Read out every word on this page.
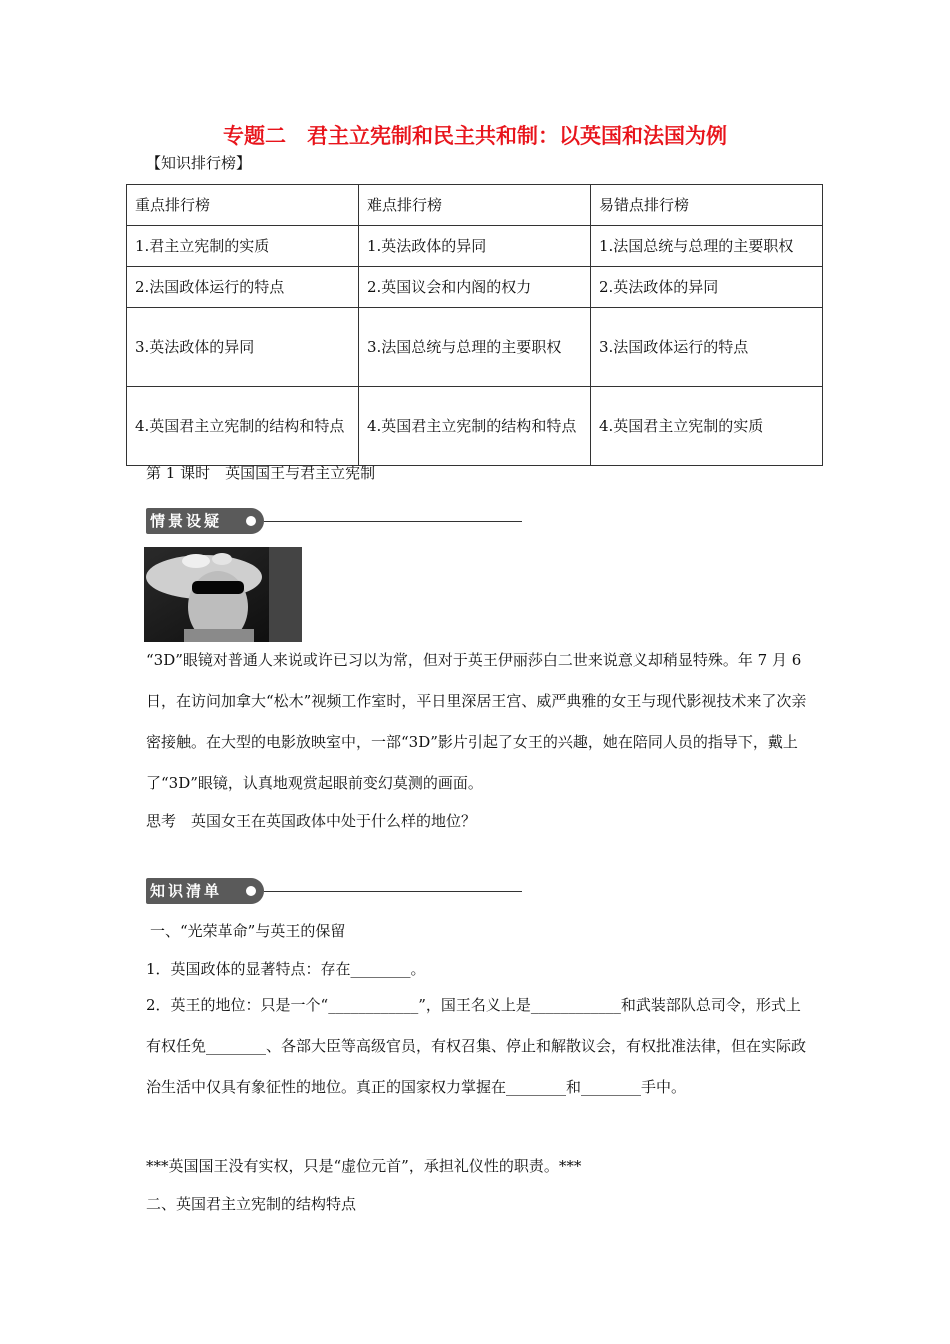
专题二　君主立宪制和民主共和制：以英国和法国为例
【知识排行榜】
重点排行榜	难点排行榜	易错点排行榜
1.君主立宪制的实质	1.英法政体的异同	1.法国总统与总理的主要职权
2.法国政体运行的特点	2.英国议会和内阁的权力	2.英法政体的异同
3.英法政体的异同	3.法国总统与总理的主要职权	3.法国政体运行的特点
4.英国君主立宪制的结构和特点	4.英国君主立宪制的结构和特点	4.英国君主立宪制的实质
第 1 课时　英国国王与君主立宪制
情景设疑
“3D”眼镜对普通人来说或许已习以为常，但对于英王伊丽莎白二世来说意义却稍显特殊。年 7 月 6 日，在访问加拿大“松木”视频工作室时，平日里深居王宫、威严典雅的女王与现代影视技术来了次亲密接触。在大型的电影放映室中，一部“3D”影片引起了女王的兴趣，她在陪同人员的指导下，戴上了“3D”眼镜，认真地观赏起眼前变幻莫测的画面。
思考　英国女王在英国政体中处于什么样的地位？
知识清单
一、“光荣革命”与英王的保留
1．英国政体的显著特点：存在________。
2．英王的地位：只是一个“____________”，国王名义上是____________和武装部队总司令，形式上有权任免________、各部大臣等高级官员，有权召集、停止和解散议会，有权批准法律，但在实际政治生活中仅具有象征性的地位。真正的国家权力掌握在________和________手中。
***英国国王没有实权，只是“虚位元首”，承担礼仪性的职责。***
二、英国君主立宪制的结构特点
